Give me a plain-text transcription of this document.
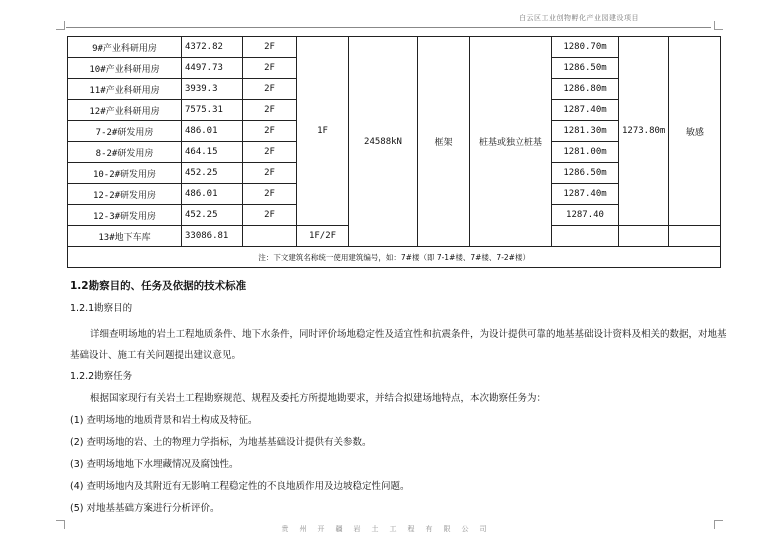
白云区工业创物孵化产业园建设项目
9#产业科研用房	4372.82	2F	1F	24588kN	框架	桩基或独立桩基	1280.70m	1273.80m	敏感
10#产业科研用房	4497.73	2F					1286.50m		
11#产业科研用房	3939.3	2F					1286.80m		
12#产业科研用房	7575.31	2F					1287.40m		
7-2#研发用房	486.01	2F					1281.30m		
8-2#研发用房	464.15	2F					1281.00m		
10-2#研发用房	452.25	2F					1286.50m		
12-2#研发用房	486.01	2F					1287.40m		
12-3#研发用房	452.25	2F					1287.40		
13#地下车库	33086.81		1F/2F						
注：下文建筑名称统一使用建筑编号，如：7#楼（即 7-1#楼、7#楼、7-2#楼）									
1.2勘察目的、任务及依据的技术标准
1.2.1勘察目的
详细查明场地的岩土工程地质条件、地下水条件，同时评价场地稳定性及适宜性和抗震条件，为设计提供可靠的地基基础设计资料及相关的数据，对地基基础设计、施工有关问题提出建议意见。
1.2.2勘察任务
根据国家现行有关岩土工程勘察规范、规程及委托方所提地勘要求，并结合拟建场地特点，本次勘察任务为：
(1) 查明场地的地质背景和岩土构成及特征。
(2) 查明场地的岩、土的物理力学指标，为地基基础设计提供有关参数。
(3) 查明场地地下水埋藏情况及腐蚀性。
(4) 查明场地内及其附近有无影响工程稳定性的不良地质作用及边坡稳定性问题。
(5) 对地基基础方案进行分析评价。
贵州开疆岩土工程有限公司
